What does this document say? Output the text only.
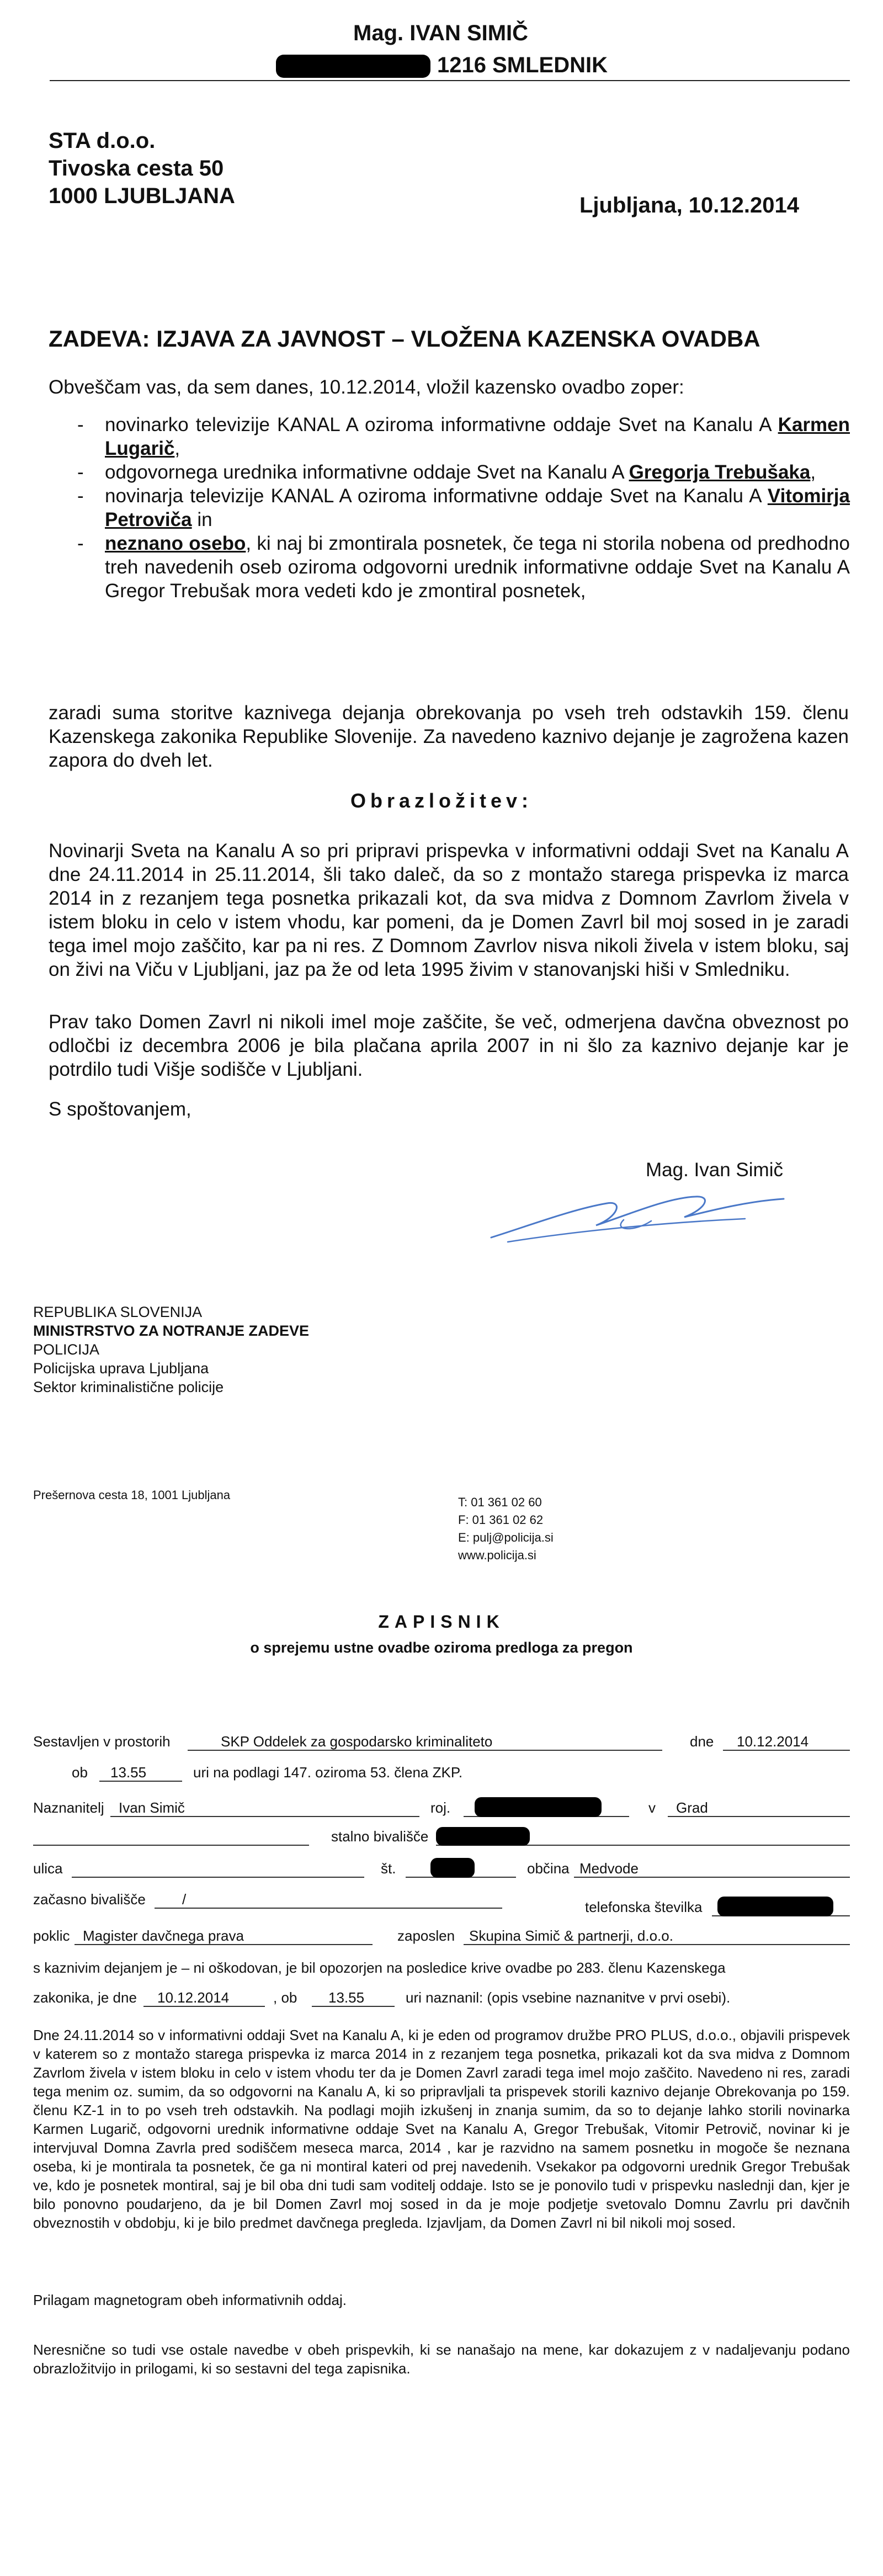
Mag. IVAN SIMIČ
1216 SMLEDNIK
STA d.o.o.
Tivoska cesta 50
1000 LJUBLJANA	Ljubljana, 10.12.2014
ZADEVA: IZJAVA ZA JAVNOST – VLOŽENA KAZENSKA OVADBA
Obveščam vas, da sem danes, 10.12.2014, vložil kazensko ovadbo zoper:
- novinarko televizije KANAL A oziroma informativne oddaje Svet na Kanalu A Karmen Lugarič,
- odgovornega urednika informativne oddaje Svet na Kanalu A Gregorja Trebušaka,
- novinarja televizije KANAL A oziroma informativne oddaje Svet na Kanalu A Vitomirja Petroviča in
- neznano osebo, ki naj bi zmontirala posnetek, če tega ni storila nobena od predhodno treh navedenih oseb oziroma odgovorni urednik informativne oddaje Svet na Kanalu A Gregor Trebušak mora vedeti kdo je zmontiral posnetek,
zaradi suma storitve kaznivega dejanja obrekovanja po vseh treh odstavkih 159. členu Kazenskega zakonika Republike Slovenije. Za navedeno kaznivo dejanje je zagrožena kazen zapora do dveh let.
Obrazložitev:
Novinarji Sveta na Kanalu A so pri pripravi prispevka v informativni oddaji Svet na Kanalu A dne 24.11.2014 in 25.11.2014, šli tako daleč, da so z montažo starega prispevka iz marca 2014 in z rezanjem tega posnetka prikazali kot, da sva midva z Domnom Zavrlom živela v istem bloku in celo v istem vhodu, kar pomeni, da je Domen Zavrl bil moj sosed in je zaradi tega imel mojo zaščito, kar pa ni res. Z Domnom Zavrlov nisva nikoli živela v istem bloku, saj on živi na Viču v Ljubljani, jaz pa že od leta 1995 živim v stanovanjski hiši v Smledniku.
Prav tako Domen Zavrl ni nikoli imel moje zaščite, še več, odmerjena davčna obveznost po odločbi iz decembra 2006 je bila plačana aprila 2007 in ni šlo za kaznivo dejanje kar je potrdilo tudi Višje sodišče v Ljubljani.
S spoštovanjem,
Mag. Ivan Simič
REPUBLIKA SLOVENIJA
MINISTRSTVO ZA NOTRANJE ZADEVE
POLICIJA
Policijska uprava Ljubljana
Sektor kriminalistične policije
Prešernova cesta 18, 1001 Ljubljana
T: 01 361 02 60
F: 01 361 02 62
E: pulj@policija.si
www.policija.si
ZAPISNIK
o sprejemu ustne ovadbe oziroma predloga za pregon
Sestavljen v prostorih	SKP Oddelek za gospodarsko kriminaliteto	dne 10.12.2014
ob 13.55	uri na podlagi 147. oziroma 53. člena ZKP.
Naznanitelj Ivan Simič	roj.	v Grad
stalno bivališče
ulica	št.	občina Medvode
začasno bivališče	/	telefonska številka
poklic Magister davčnega prava	zaposlen Skupina Simič & partnerji, d.o.o.
s kaznivim dejanjem je – ni oškodovan, je bil opozorjen na posledice krive ovadbe po 283. členu Kazenskega
zakonika, je dne 10.12.2014	, ob 13.55	uri naznanil: (opis vsebine naznanitve v prvi osebi).
Dne 24.11.2014 so v informativni oddaji Svet na Kanalu A, ki je eden od programov družbe PRO PLUS, d.o.o., objavili prispevek v katerem so z montažo starega prispevka iz marca 2014 in z rezanjem tega posnetka, prikazali kot da sva midva z Domnom Zavrlom živela v istem bloku in celo v istem vhodu ter da je Domen Zavrl zaradi tega imel mojo zaščito. Navedeno ni res, zaradi tega menim oz. sumim, da so odgovorni na Kanalu A, ki so pripravljali ta prispevek storili kaznivo dejanje Obrekovanja po 159. členu KZ-1 in to po vseh treh odstavkih. Na podlagi mojih izkušenj in znanja sumim, da so to dejanje lahko storili novinarka Karmen Lugarič, odgovorni urednik informativne oddaje Svet na Kanalu A, Gregor Trebušak, Vitomir Petrovič, novinar ki je intervjuval Domna Zavrla pred sodiščem meseca marca, 2014 , kar je razvidno na samem posnetku in mogoče še neznana oseba, ki je montirala ta posnetek, če ga ni montiral kateri od prej navedenih. Vsekakor pa odgovorni urednik Gregor Trebušak ve, kdo je posnetek montiral, saj je bil oba dni tudi sam voditelj oddaje. Isto se je ponovilo tudi v prispevku naslednji dan, kjer je bilo ponovno poudarjeno, da je bil Domen Zavrl moj sosed in da je moje podjetje svetovalo Domnu Zavrlu pri davčnih obveznostih v obdobju, ki je bilo predmet davčnega pregleda. Izjavljam, da Domen Zavrl ni bil nikoli moj sosed.
Prilagam magnetogram obeh informativnih oddaj.
Neresnične so tudi vse ostale navedbe v obeh prispevkih, ki se nanašajo na mene, kar dokazujem z v nadaljevanju podano obrazložitvijo in prilogami, ki so sestavni del tega zapisnika.
